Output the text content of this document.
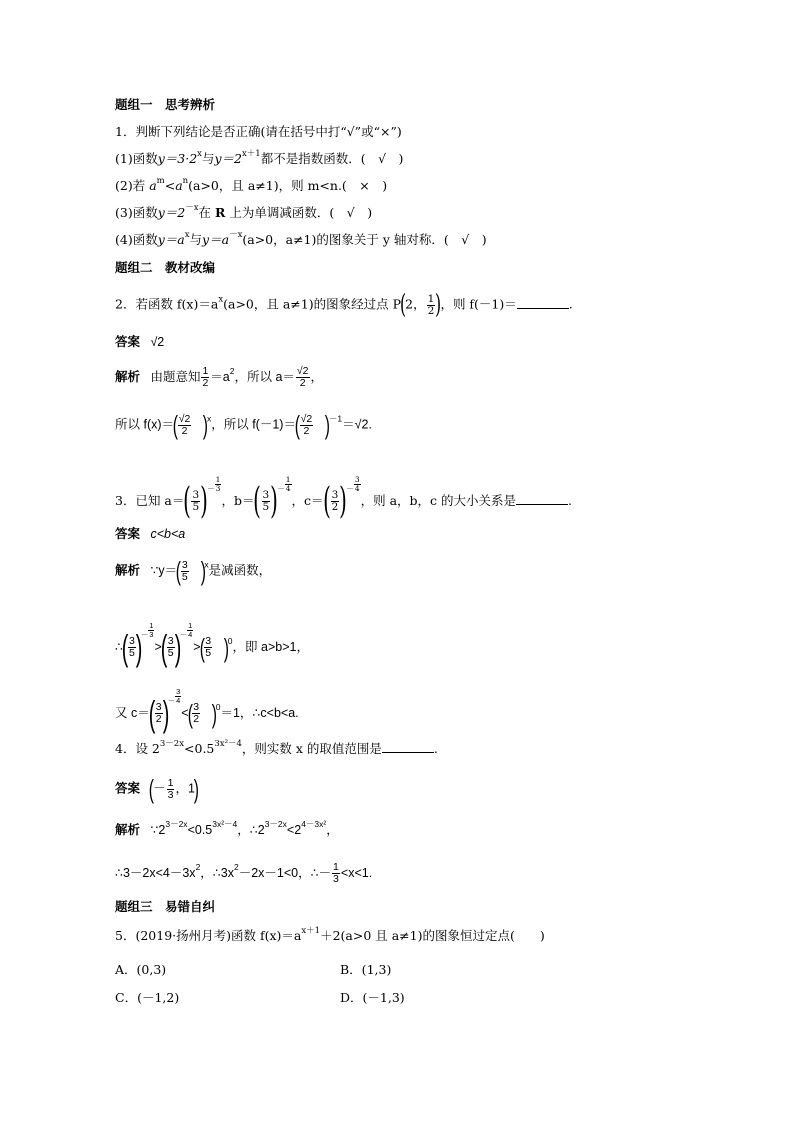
题组一　思考辨析
1．判断下列结论是否正确(请在括号中打“√”或“×”)
(1)函数$y=3\cdot 2^x$与$y=2^{x+1}$都不是指数函数．(　√　)
(2)若 $a^m<a^n(a>0$，且 a≠1)，则 m<n.(　×　)
(3)函数$y=2^{-x}$在 R 上为单调减函数．(　√　)
(4)函数$y=a^x$与$y=a^{-x}(a>0$，a≠1)的图象关于 y 轴对称．(　√　)
题组二　教材改编
2．若函数 $f(x)=a^x(a>0$，且 a≠1)的图象经过点 P(2， $\frac{1}{2}$ )，则 f(－1)＝	.
答案 √2
解析 由题意知 $\frac{1}{2} =a^2$，所以 $a= \frac{√2}{2}$ ，
所以 $f(x)=( \frac{√2}{2} )^x$，所以 $f(-1)=( \frac{√2}{2} )^{-1}=√2$.
3．已知 $a=( \frac{3}{5}$ )－ $\frac{1}{3}$
，$b=( \frac{3}{5}$ )－ $\frac{1}{4}$
，$c=( \frac{3}{2}$ )－ $\frac{3}{4}$
，则 a，b，c 的大小关系是	.
答案 c<b<a
解析 ∵y＝( $\frac{3}{5} )^x$是减函数，
∴( $\frac{3}{5}$ )－ $\frac{1}{3}$
>( $\frac{3}{5}$ )－ $\frac{1}{4}$
>( $\frac{3}{5} )^0$，即 a>b>1，
又 $c=( \frac{3}{2}$ )－ $\frac{3}{4}$
<( $\frac{3}{2} )^0=1$，∴c<b<a.
4．设 $2^{3-2x}<0.5^{3x^2-4}$，则实数 x 的取值范围是	.
答案 (－ $\frac{1}{3}$ ，1)
解析 $\because 2^{3-2x}<0.5^{3x^2-4}$，$\therefore 2^{3-2x}<2^{4-3x^2}$，
$\therefore 3-2x<4-3x^2$，$\therefore 3x^2-2x-1<0$，∴－ $\frac{1}{3} <x<1$.
题组三　易错自纠
5．(2019·扬州月考)函数 $f(x)=a^{x+1}+2(a>0$ 且 a≠1)的图象恒过定点(　　)
A．(0,3)	B．(1,3)
C．(－1,2)	D．(－1,3)
